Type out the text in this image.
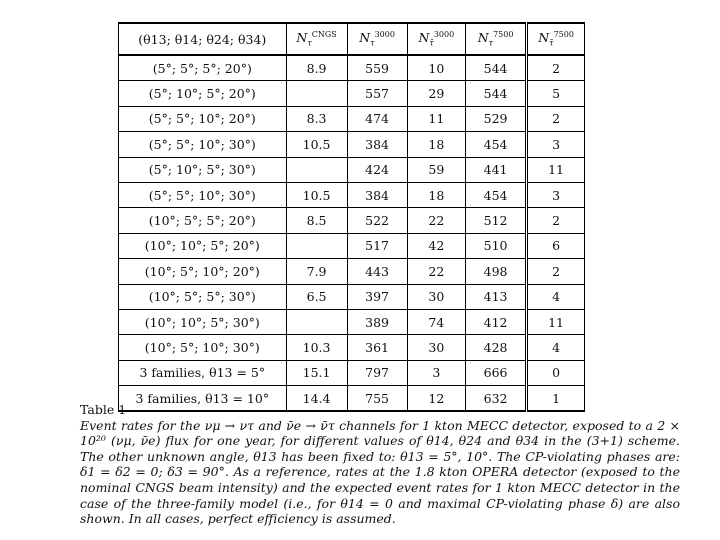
(θ13; θ14; θ24; θ34)	$N_\tau^{CNGS}$	$N_\tau^{3000}$	$N_{\taū}^{3000}$	$N_\tau^{7500}$	$N_{\taū}^{7500}$
(5°; 5°; 5°; 20°)	8.9	559	10	544	2
(5°; 10°; 5°; 20°)		557	29	544	5
(5°; 5°; 10°; 20°)	8.3	474	11	529	2
(5°; 5°; 10°; 30°)	10.5	384	18	454	3
(5°; 10°; 5°; 30°)		424	59	441	11
(5°; 5°; 10°; 30°)	10.5	384	18	454	3
(10°; 5°; 5°; 20°)	8.5	522	22	512	2
(10°; 10°; 5°; 20°)		517	42	510	6
(10°; 5°; 10°; 20°)	7.9	443	22	498	2
(10°; 5°; 5°; 30°)	6.5	397	30	413	4
(10°; 10°; 5°; 30°)		389	74	412	11
(10°; 5°; 10°; 30°)	10.3	361	30	428	4
3 families, θ13 = 5°	15.1	797	3	666	0
3 families, θ13 = 10°	14.4	755	12	632	1
Table 1
Event rates for the νμ → ντ and ν̄e → ν̄τ channels for 1 kton MECC detector, exposed to a 2 × 10²⁰ (νμ, ν̄e) flux for one year, for different values of θ14, θ24 and θ34 in the (3+1) scheme. The other unknown angle, θ13 has been fixed to: θ13 = 5°, 10°. The CP-violating phases are: δ1 = δ2 = 0; δ3 = 90°. As a reference, rates at the 1.8 kton OPERA detector (exposed to the nominal CNGS beam intensity) and the expected event rates for 1 kton MECC detector in the case of the three-family model (i.e., for θ14 = 0 and maximal CP-violating phase δ) are also shown. In all cases, perfect efficiency is assumed.
